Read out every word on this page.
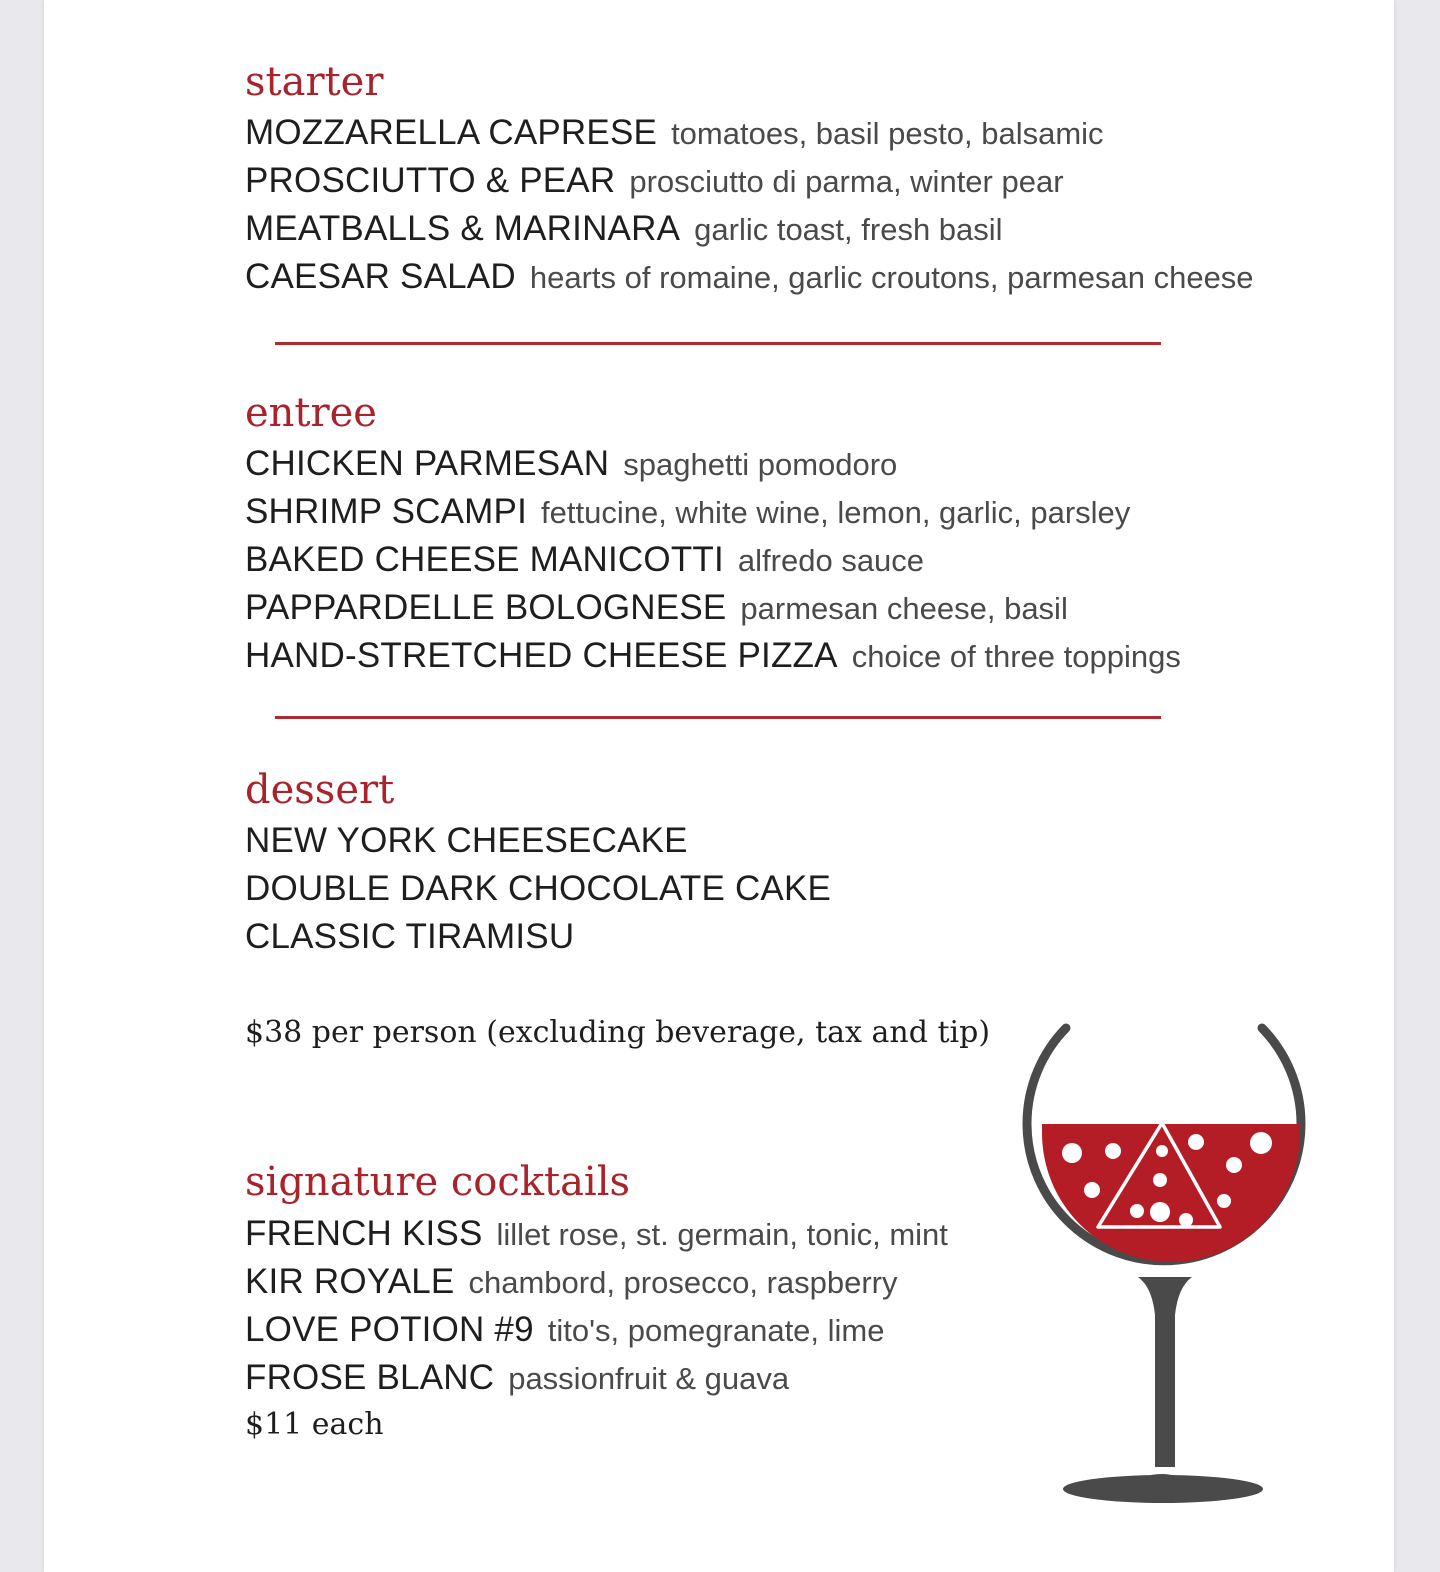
starter
MOZZARELLA CAPRESE tomatoes, basil pesto, balsamic
PROSCIUTTO & PEAR prosciutto di parma, winter pear
MEATBALLS & MARINARA garlic toast, fresh basil
CAESAR SALAD hearts of romaine, garlic croutons, parmesan cheese
entree
CHICKEN PARMESAN spaghetti pomodoro
SHRIMP SCAMPI fettucine, white wine, lemon, garlic, parsley
BAKED CHEESE MANICOTTI alfredo sauce
PAPPARDELLE BOLOGNESE parmesan cheese, basil
HAND-STRETCHED CHEESE PIZZA choice of three toppings
dessert
NEW YORK CHEESECAKE
DOUBLE DARK CHOCOLATE CAKE
CLASSIC TIRAMISU

$38 per person (excluding beverage, tax and tip)

signature cocktails
FRENCH KISS lillet rose, st. germain, tonic, mint
KIR ROYALE chambord, prosecco, raspberry
LOVE POTION #9 tito's, pomegranate, lime
FROSE BLANC passionfruit & guava

$11 each
